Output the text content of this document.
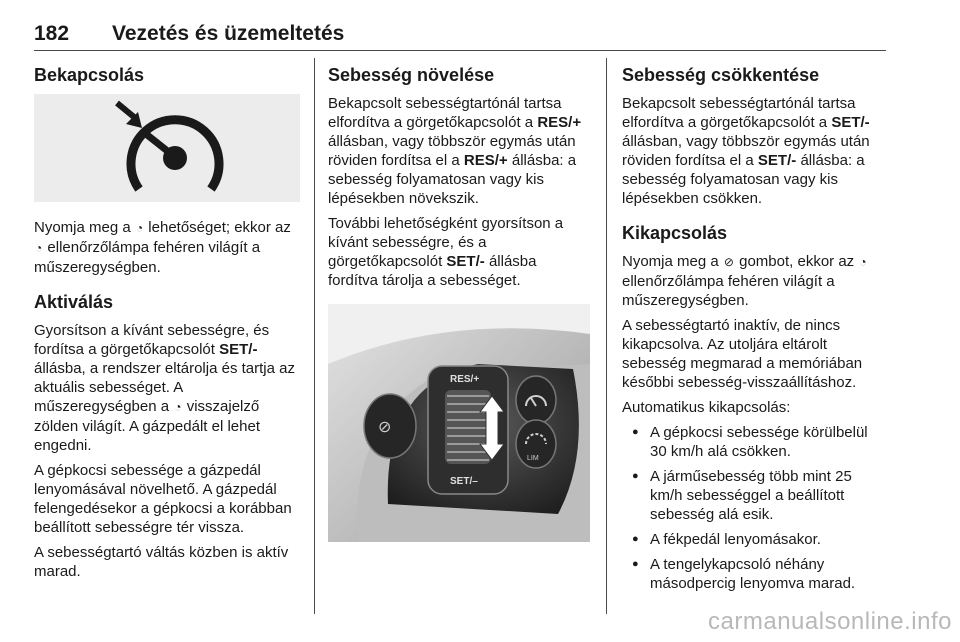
182 Vezetés és üzemeltetés
Bekapcsolás

Nyomja meg a ◔ lehetőséget; ekkor az ◔ ellenőrzőlámpa fehéren világít a műszeregységben.

Aktiválás

Gyorsítson a kívánt sebességre, és fordítsa a görgetőkapcsolót SET/- állásba, a rendszer eltárolja és tartja az aktuális sebességet. A műszeregységben a ◔ visszajelző zölden világít. A gázpedált el lehet engedni.

A gépkocsi sebessége a gázpedál lenyomásával növelhető. A gázpedál felengedésekor a gépkocsi a korábban beállított sebességre tér vissza.

A sebességtartó váltás közben is aktív marad.

Sebesség növelése

Bekapcsolt sebességtartónál tartsa elfordítva a görgetőkapcsolót a RES/+ állásban, vagy többször egymás után röviden fordítsa el a RES/+ állásba: a sebesség folyamatosan vagy kis lépésekben növekszik.

További lehetőségként gyorsítson a kívánt sebességre, és a görgetőkapcsolót SET/- állásba fordítva tárolja a sebességet.

⊘
RES/+
SET/–
LIM
Sebesség csökkentése

Bekapcsolt sebességtartónál tartsa elfordítva a görgetőkapcsolót a SET/- állásban, vagy többször egymás után röviden fordítsa el a SET/- állásba: a sebesség folyamatosan vagy kis lépésekben csökken.

Kikapcsolás

Nyomja meg a ⊘ gombot, ekkor az ◔ ellenőrzőlámpa fehéren világít a műszeregységben.

A sebességtartó inaktív, de nincs kikapcsolva. Az utoljára eltárolt sebesség megmarad a memóriában későbbi sebesség-visszaállításhoz.

Automatikus kikapcsolás:

● A gépkocsi sebessége körülbelül 30 km/h alá csökken.
● A járműsebesség több mint 25 km/h sebességgel a beállított sebesség alá esik.
● A fékpedál lenyomásakor.
● A tengelykapcsoló néhány másodpercig lenyomva marad.
carmanualsonline.info
